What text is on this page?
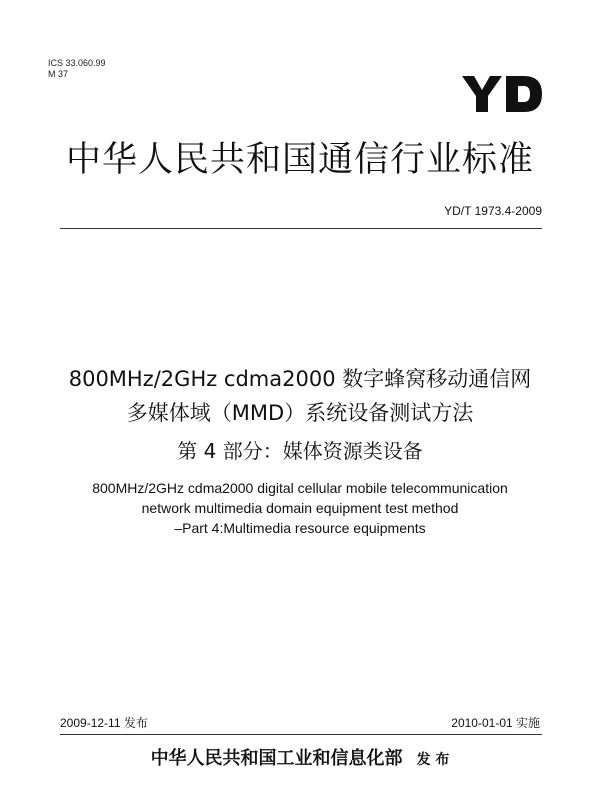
ICS 33.060.99
M 37
中华人民共和国通信行业标准
YD/T 1973.4-2009
800MHz/2GHz cdma2000 数字蜂窝移动通信网
多媒体域（MMD）系统设备测试方法
第 4 部分：媒体资源类设备
800MHz/2GHz cdma2000 digital cellular mobile telecommunication
network multimedia domain equipment test method
–Part 4:Multimedia resource equipments
2009-12-11 发布	2010-01-01 实施
中华人民共和国工业和信息化部 发 布
